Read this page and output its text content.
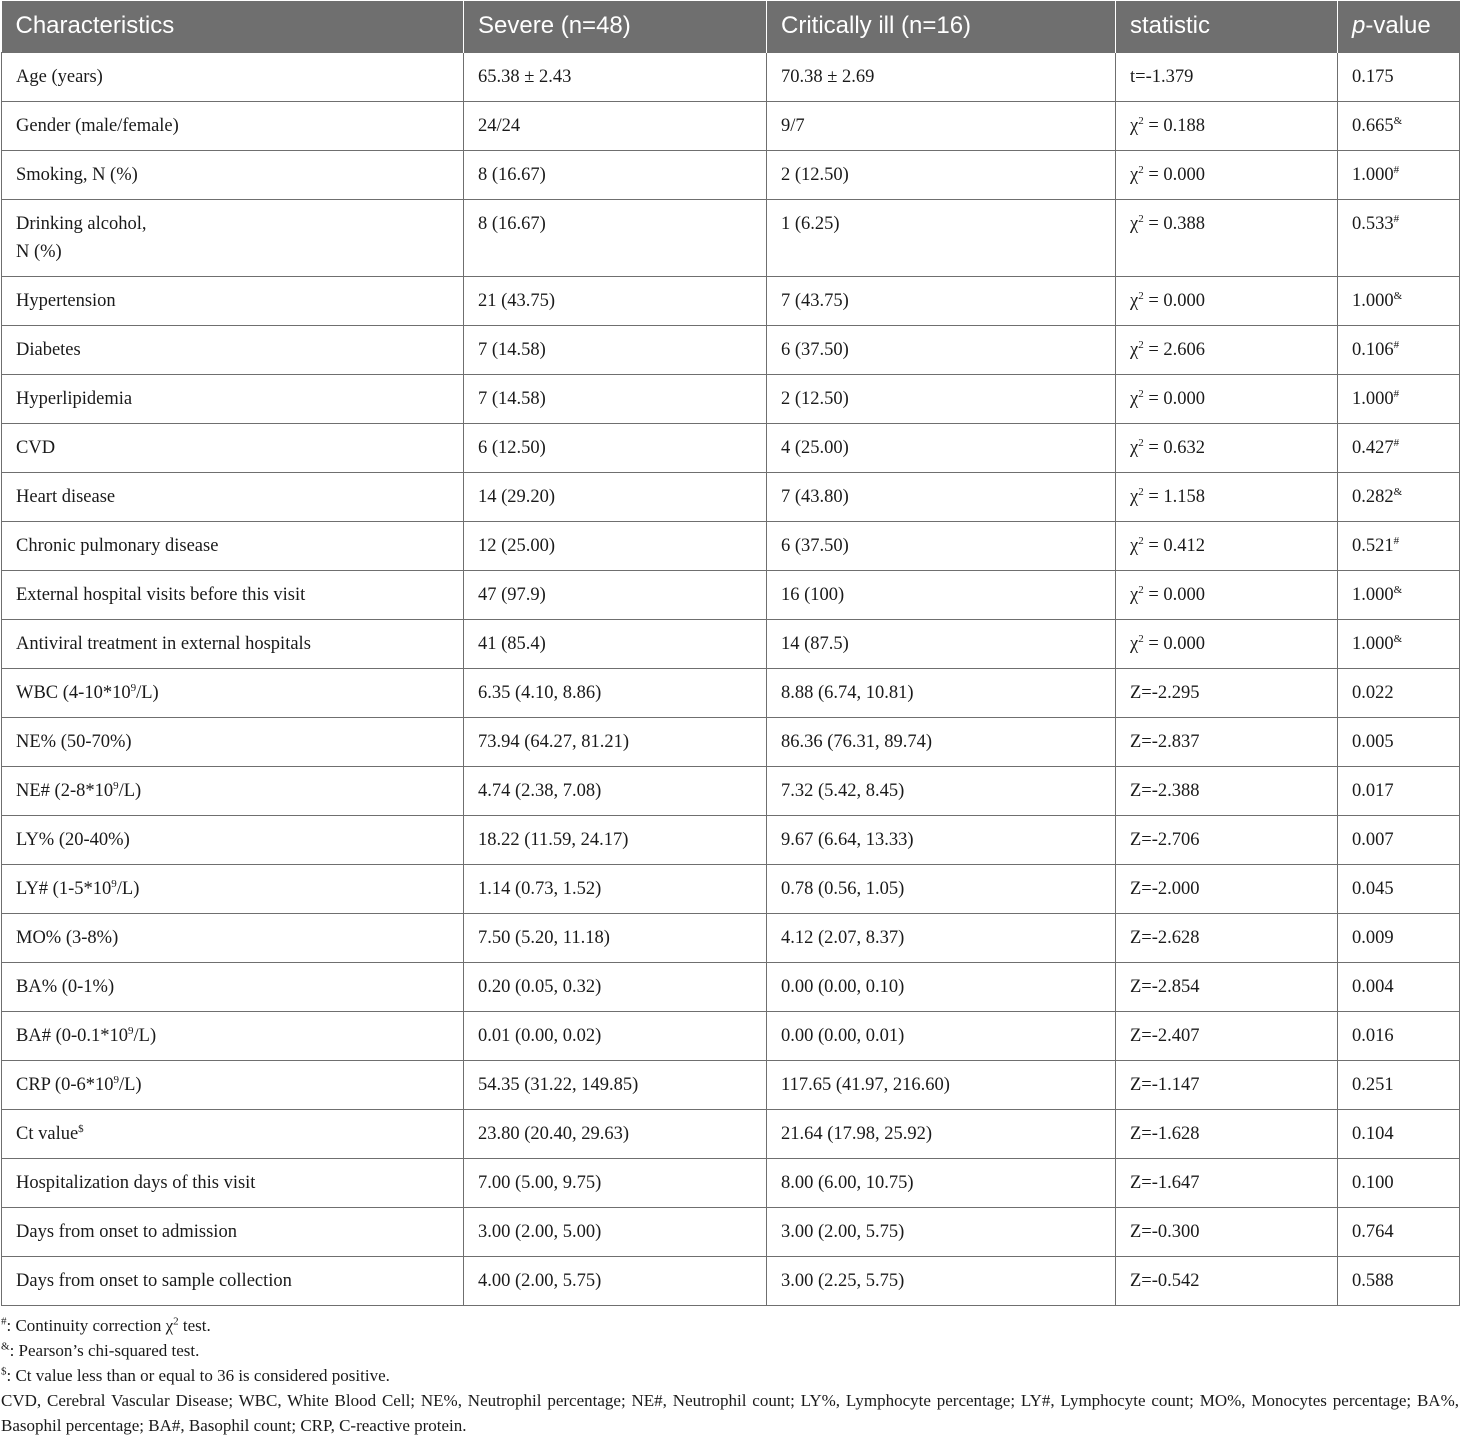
Characteristics	Severe (n=48)	Critically ill (n=16)	statistic	p-value
Age (years)	65.38 ± 2.43	70.38 ± 2.69	t=-1.379	0.175
Gender (male/female)	24/24	9/7	$\chi^2 = 0.188$	0.665&
Smoking, N (%)	8 (16.67)	2 (12.50)	$\chi^2 = 0.000$	1.000#
Drinking alcohol,
N (%)	8 (16.67)	1 (6.25)	$\chi^2 = 0.388$	0.533#
Hypertension	21 (43.75)	7 (43.75)	$\chi^2 = 0.000$	1.000&
Diabetes	7 (14.58)	6 (37.50)	$\chi^2 = 2.606$	0.106#
Hyperlipidemia	7 (14.58)	2 (12.50)	$\chi^2 = 0.000$	1.000#
CVD	6 (12.50)	4 (25.00)	$\chi^2 = 0.632$	0.427#
Heart disease	14 (29.20)	7 (43.80)	$\chi^2 = 1.158$	0.282&
Chronic pulmonary disease	12 (25.00)	6 (37.50)	$\chi^2 = 0.412$	0.521#
External hospital visits before this visit	47 (97.9)	16 (100)	$\chi^2 = 0.000$	1.000&
Antiviral treatment in external hospitals	41 (85.4)	14 (87.5)	$\chi^2 = 0.000$	1.000&
WBC $(4-10*10^9/L)$	6.35 (4.10, 8.86)	8.88 (6.74, 10.81)	Z=-2.295	0.022
NE% (50-70%)	73.94 (64.27, 81.21)	86.36 (76.31, 89.74)	Z=-2.837	0.005
NE# $(2-8*10^9/L)$	4.74 (2.38, 7.08)	7.32 (5.42, 8.45)	Z=-2.388	0.017
LY% (20-40%)	18.22 (11.59, 24.17)	9.67 (6.64, 13.33)	Z=-2.706	0.007
LY# $(1-5*10^9/L)$	1.14 (0.73, 1.52)	0.78 (0.56, 1.05)	Z=-2.000	0.045
MO% (3-8%)	7.50 (5.20, 11.18)	4.12 (2.07, 8.37)	Z=-2.628	0.009
BA% (0-1%)	0.20 (0.05, 0.32)	0.00 (0.00, 0.10)	Z=-2.854	0.004
BA# $(0-0.1*10^9/L)$	0.01 (0.00, 0.02)	0.00 (0.00, 0.01)	Z=-2.407	0.016
CRP $(0-6*10^9/L)$	54.35 (31.22, 149.85)	117.65 (41.97, 216.60)	Z=-1.147	0.251
Ct value$	23.80 (20.40, 29.63)	21.64 (17.98, 25.92)	Z=-1.628	0.104
Hospitalization days of this visit	7.00 (5.00, 9.75)	8.00 (6.00, 10.75)	Z=-1.647	0.100
Days from onset to admission	3.00 (2.00, 5.00)	3.00 (2.00, 5.75)	Z=-0.300	0.764
Days from onset to sample collection	4.00 (2.00, 5.75)	3.00 (2.25, 5.75)	Z=-0.542	0.588
#: Continuity correction $\chi^2$ test.
&: Pearson’s chi-squared test.
$: Ct value less than or equal to 36 is considered positive.
CVD, Cerebral Vascular Disease; WBC, White Blood Cell; NE%, Neutrophil percentage; NE#, Neutrophil count; LY%, Lymphocyte percentage; LY#, Lymphocyte count; MO%, Monocytes percentage; BA%, Basophil percentage; BA#, Basophil count; CRP, C-reactive protein.
